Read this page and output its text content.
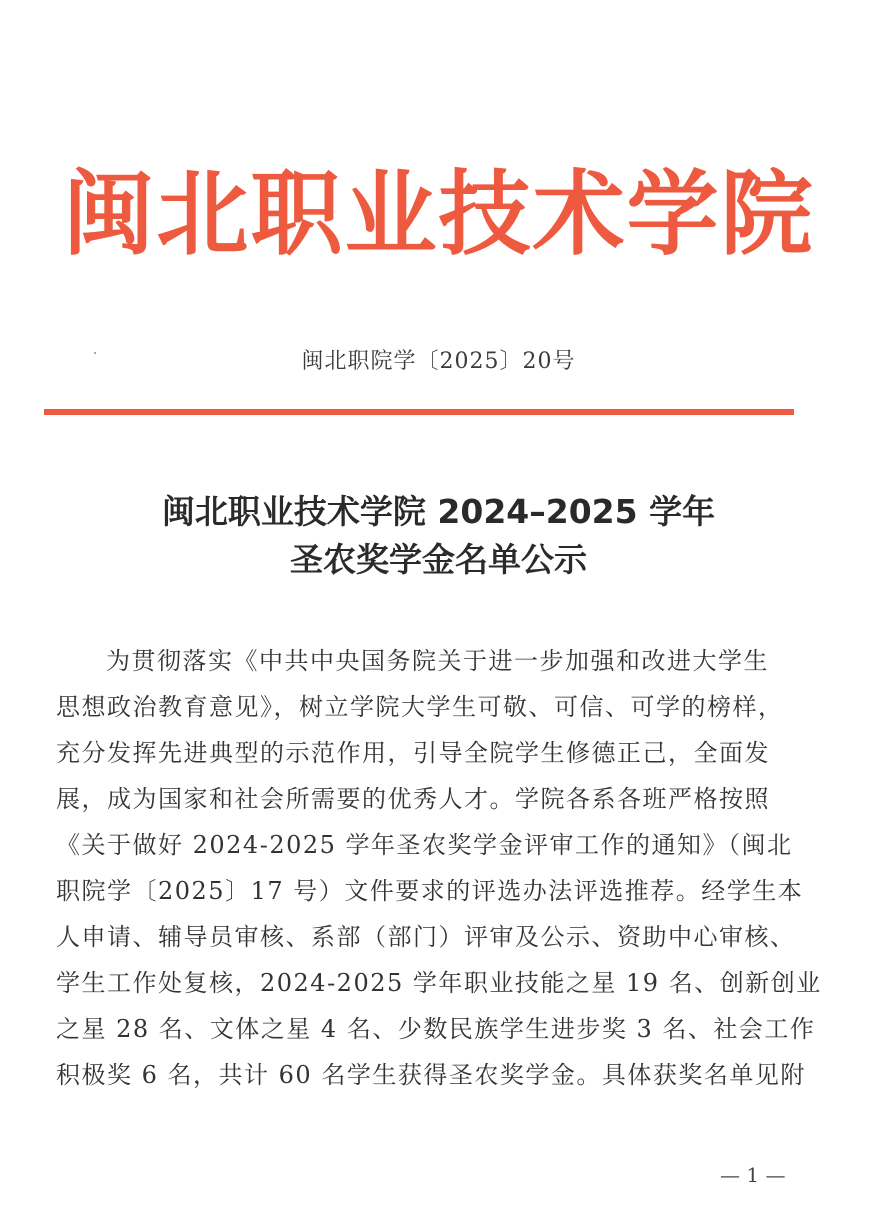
闽北职业技术学院
闽北职院学〔2025〕20号
闽北职业技术学院 2024–2025 学年
圣农奖学金名单公示
为贯彻落实《中共中央国务院关于进一步加强和改进大学生
思想政治教育意见》，树立学院大学生可敬、可信、可学的榜样，
充分发挥先进典型的示范作用，引导全院学生修德正己，全面发
展，成为国家和社会所需要的优秀人才。学院各系各班严格按照
《关于做好 2024-2025 学年圣农奖学金评审工作的通知》（闽北
职院学〔2025〕17 号）文件要求的评选办法评选推荐。经学生本
人申请、辅导员审核、系部（部门）评审及公示、资助中心审核、
学生工作处复核，2024-2025 学年职业技能之星 19 名、创新创业
之星 28 名、文体之星 4 名、少数民族学生进步奖 3 名、社会工作
积极奖 6 名，共计 60 名学生获得圣农奖学金。具体获奖名单见附
— 1 —
